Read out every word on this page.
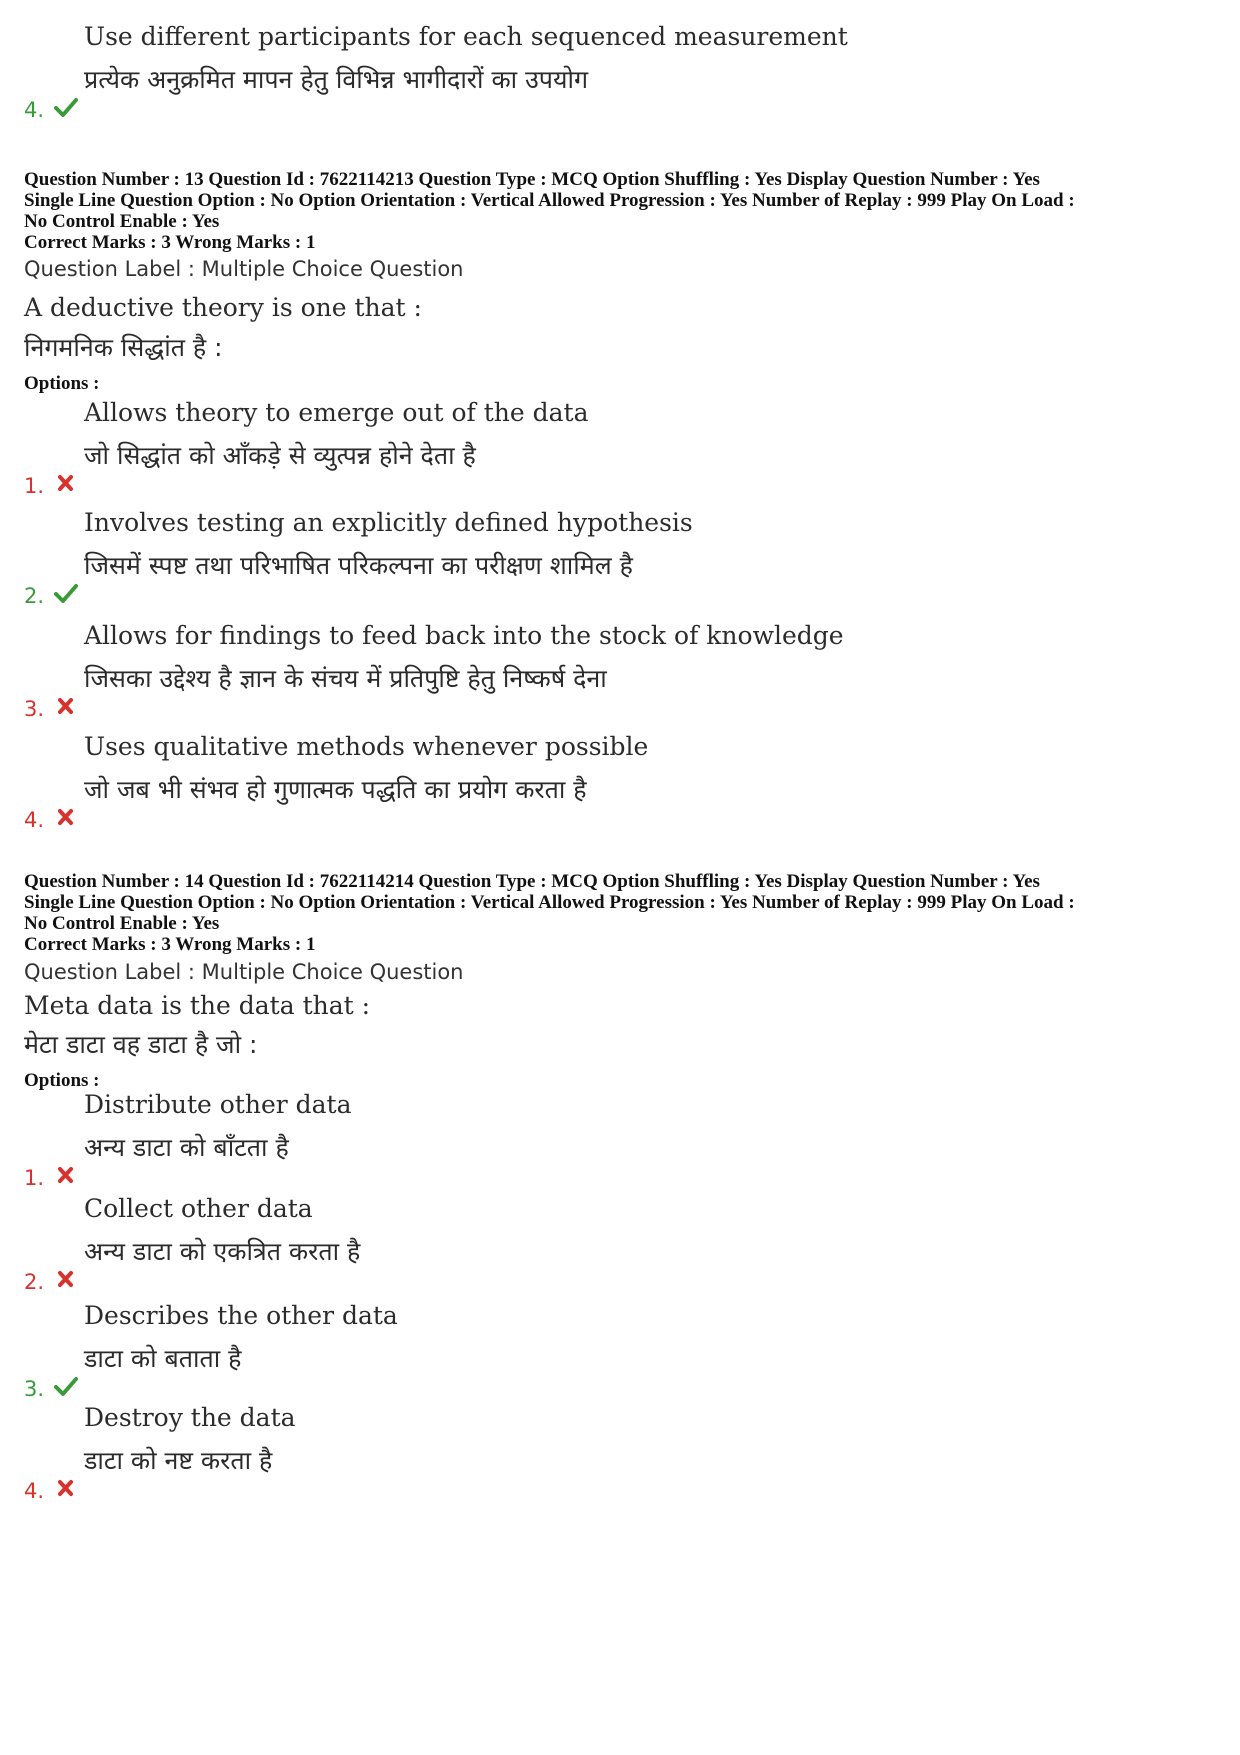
Use different participants for each sequenced measurement
प्रत्येक अनुक्रमित मापन हेतु विभिन्न भागीदारों का उपयोग
4.
Question Number : 13 Question Id : 7622114213 Question Type : MCQ Option Shuffling : Yes Display Question Number : Yes
Single Line Question Option : No Option Orientation : Vertical Allowed Progression : Yes Number of Replay : 999 Play On Load :
No Control Enable : Yes
Correct Marks : 3 Wrong Marks : 1
Question Label : Multiple Choice Question
A deductive theory is one that :
निगमनिक सिद्धांत है :
Options :
Allows theory to emerge out of the data
जो सिद्धांत को आँकड़े से व्युत्पन्न होने देता है
1.
Involves testing an explicitly defined hypothesis
जिसमें स्पष्ट तथा परिभाषित परिकल्पना का परीक्षण शामिल है
2.
Allows for findings to feed back into the stock of knowledge
जिसका उद्देश्य है ज्ञान के संचय में प्रतिपुष्टि हेतु निष्कर्ष देना
3.
Uses qualitative methods whenever possible
जो जब भी संभव हो गुणात्मक पद्धति का प्रयोग करता है
4.
Question Number : 14 Question Id : 7622114214 Question Type : MCQ Option Shuffling : Yes Display Question Number : Yes
Single Line Question Option : No Option Orientation : Vertical Allowed Progression : Yes Number of Replay : 999 Play On Load :
No Control Enable : Yes
Correct Marks : 3 Wrong Marks : 1
Question Label : Multiple Choice Question
Meta data is the data that :
मेटा डाटा वह डाटा है जो :
Options :
Distribute other data
अन्य डाटा को बाँटता है
1.
Collect other data
अन्य डाटा को एकत्रित करता है
2.
Describes the other data
डाटा को बताता है
3.
Destroy the data
डाटा को नष्ट करता है
4.
